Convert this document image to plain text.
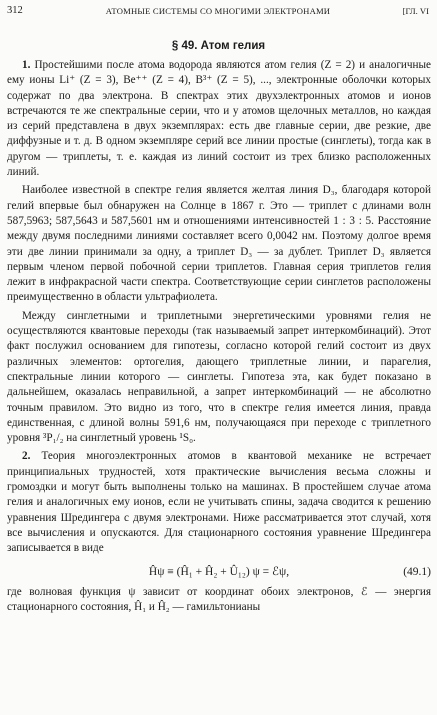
312	АТОМНЫЕ СИСТЕМЫ СО МНОГИМИ ЭЛЕКТРОНАМИ	[ГЛ. VI
§ 49. Атом гелия

1. Простейшими после атома водорода являются атом гелия (Z = 2) и аналогичные ему ионы Li⁺ (Z = 3), Be⁺⁺ (Z = 4), B³⁺ (Z = 5), ..., электронные оболочки которых содержат по два электрона. В спектрах этих двухэлектронных атомов и ионов встречаются те же спектральные серии, что и у атомов щелочных металлов, но каждая из серий представлена в двух экземплярах: есть две главные серии, две резкие, две диффузные и т. д. В одном экземпляре серий все линии простые (синглеты), тогда как в другом — триплеты, т. е. каждая из линий состоит из трех близко расположенных линий.

Наиболее известной в спектре гелия является желтая линия D₃, благодаря которой гелий впервые был обнаружен на Солнце в 1867 г. Это — триплет с длинами волн 587,5963; 587,5643 и 587,5601 нм и отношениями интенсивностей 1 : 3 : 5. Расстояние между двумя последними линиями составляет всего 0,0042 нм. Поэтому долгое время эти две линии принимали за одну, а триплет D₃ — за дублет. Триплет D₃ является первым членом первой побочной серии триплетов. Главная серия триплетов гелия лежит в инфракрасной части спектра. Соответствующие серии синглетов расположены преимущественно в области ультрафиолета.

Между синглетными и триплетными энергетическими уровнями гелия не осуществляются квантовые переходы (так называемый запрет интеркомбинаций). Этот факт послужил основанием для гипотезы, согласно которой гелий состоит из двух различных элементов: ортогелия, дающего триплетные линии, и парагелия, спектральные линии которого — синглеты. Гипотеза эта, как будет показано в дальнейшем, оказалась неправильной, а запрет интеркомбинаций — не абсолютно точным правилом. Это видно из того, что в спектре гелия имеется линия, правда единственная, с длиной волны 591,6 нм, получающаяся при переходе с триплетного уровня ³P₁/₂ на синглетный уровень ¹S₀.

2. Теория многоэлектронных атомов в квантовой механике не встречает принципиальных трудностей, хотя практические вычисления весьма сложны и громоздки и могут быть выполнены только на машинах. В простейшем случае атома гелия и аналогичных ему ионов, если не учитывать спины, задача сводится к решению уравнения Шредингера с двумя электронами. Ниже рассматривается этот случай, хотя все вычисления и опускаются. Для стационарного состояния уравнение Шредингера записывается в виде

Ĥψ ≡ (Ĥ₁ + Ĥ₂ + Û₁₂) ψ = ℰψ,	(49.1)

где волновая функция ψ зависит от координат обоих электронов, ℰ — энергия стационарного состояния, Ĥ₁ и Ĥ₂ — гамильтонианы
